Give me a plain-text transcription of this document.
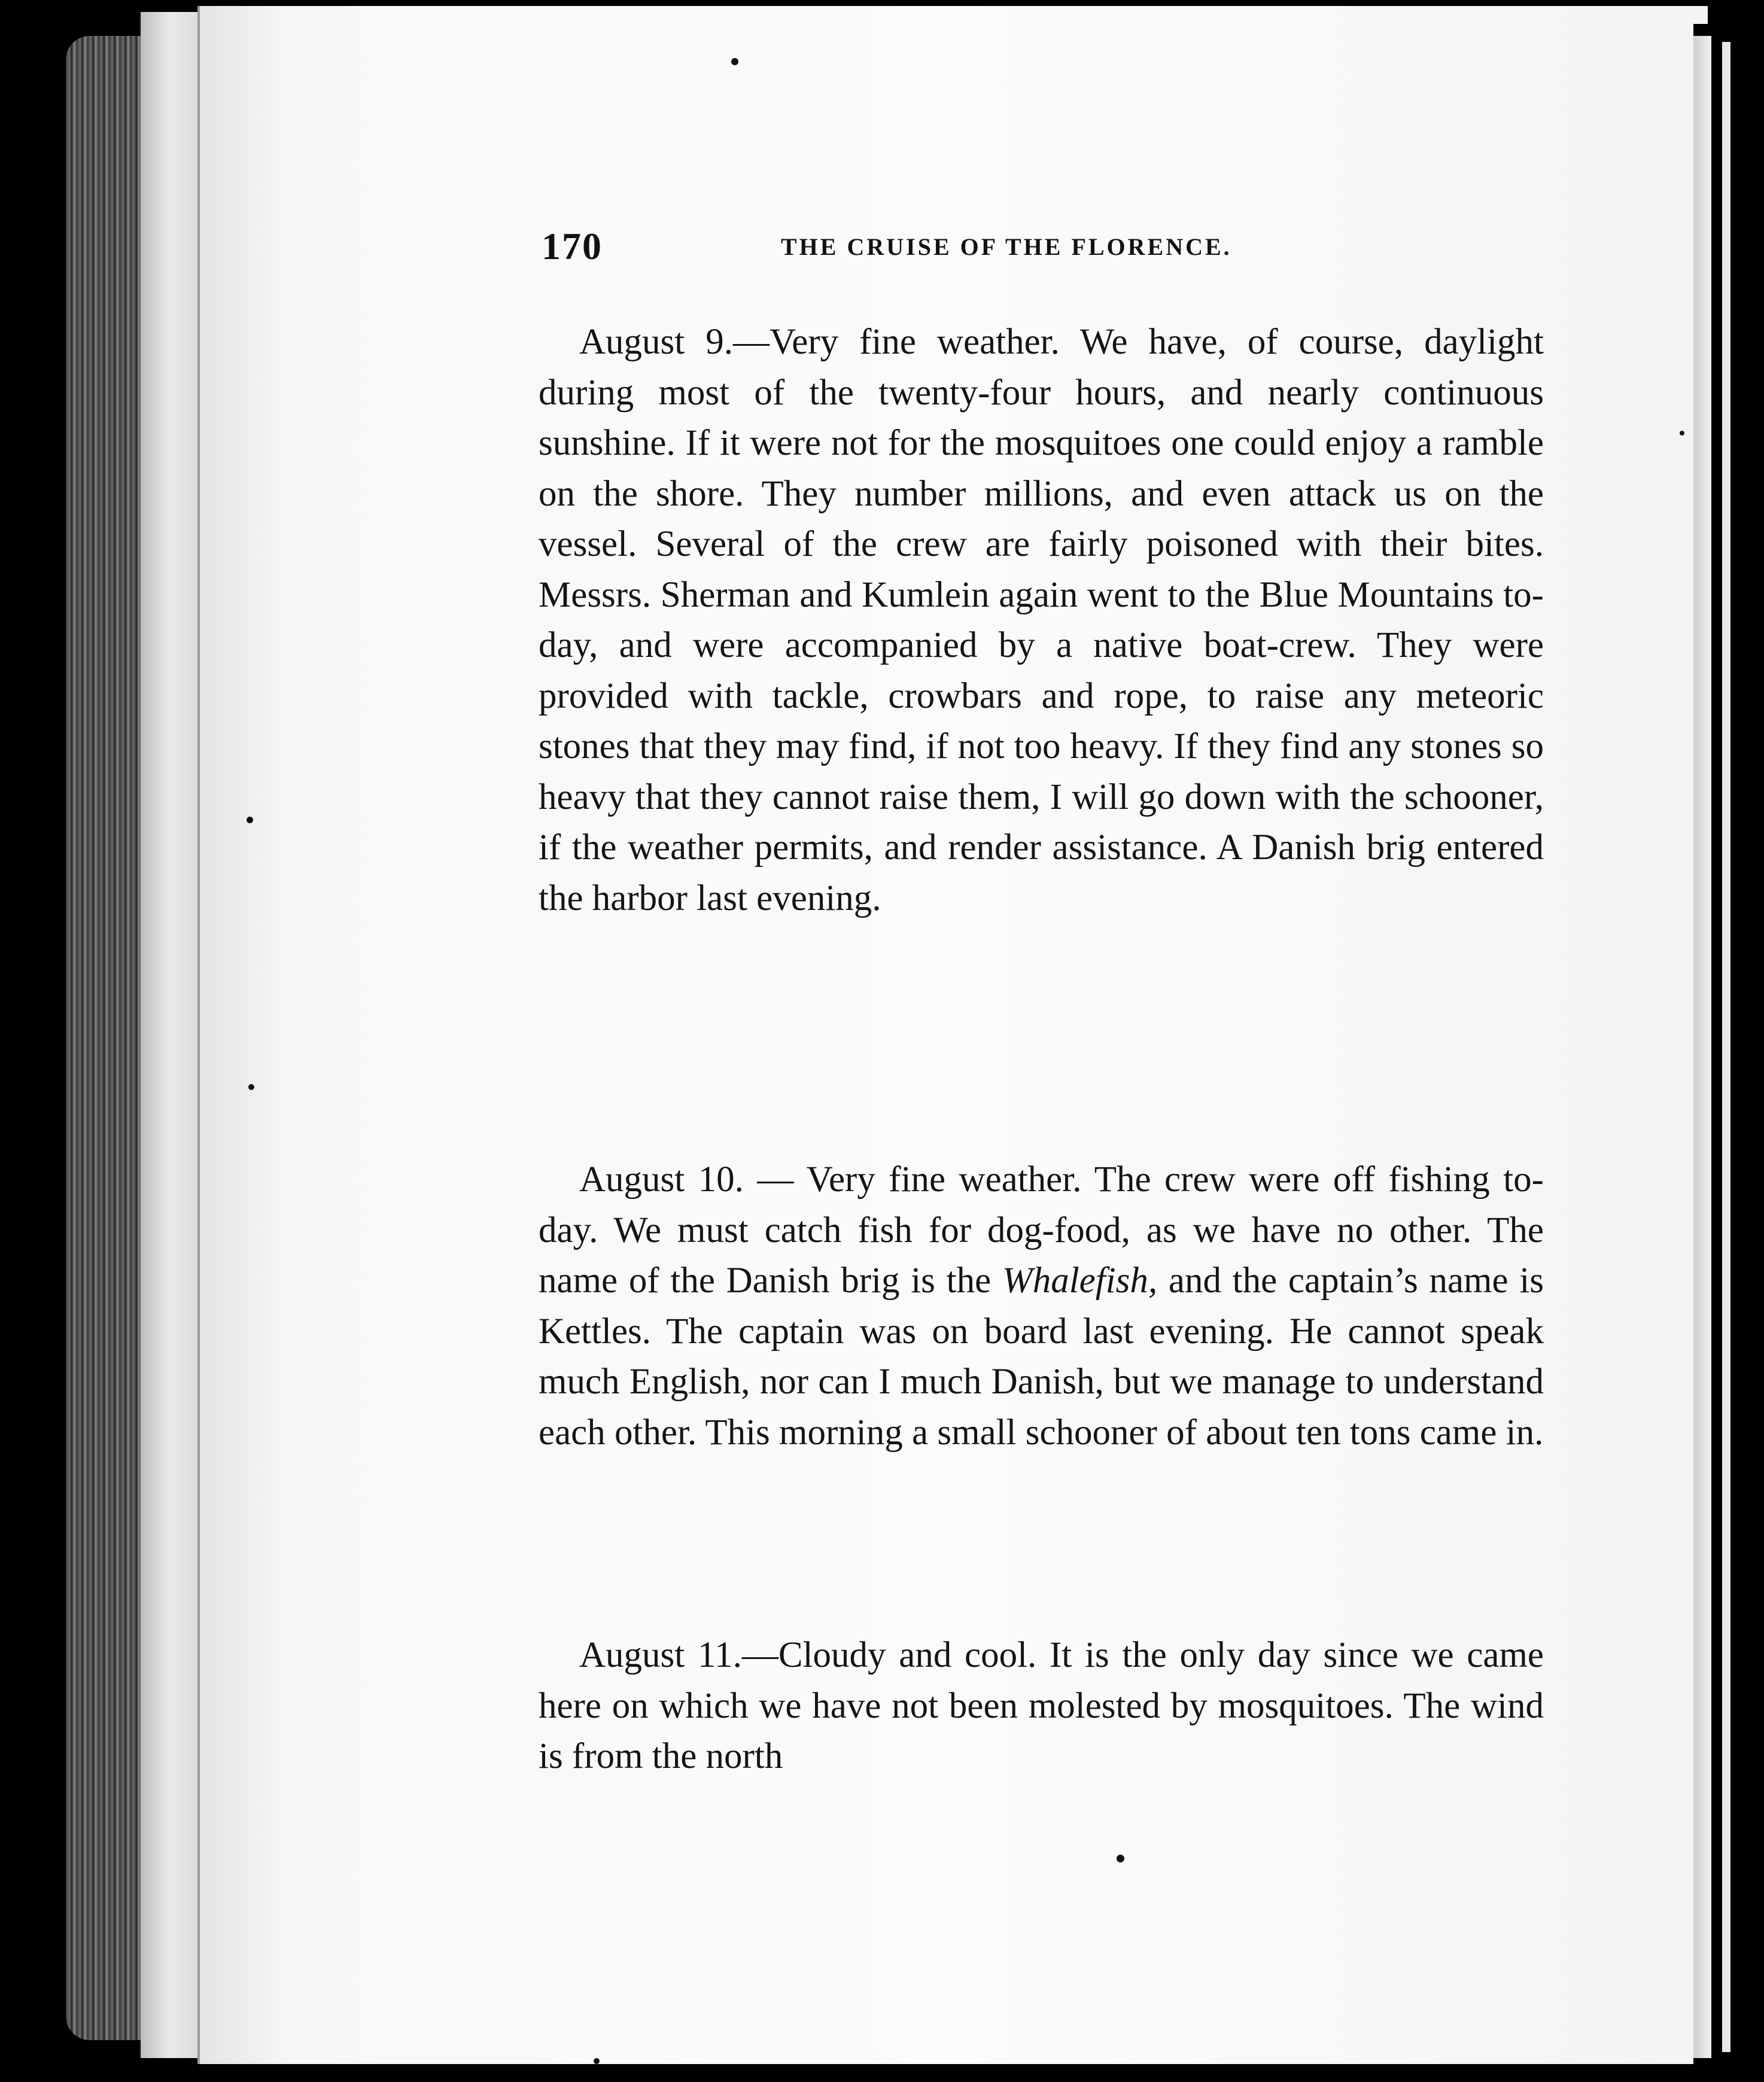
170	THE CRUISE OF THE FLORENCE.

August 9.—Very fine weather. We have, of course, daylight during most of the twenty-four hours, and nearly continuous sunshine. If it were not for the mosquitoes one could enjoy a ramble on the shore. They number millions, and even attack us on the vessel. Several of the crew are fairly poisoned with their bites. Messrs. Sherman and Kumlein again went to the Blue Mountains to-day, and were accompanied by a native boat-crew. They were provided with tackle, crowbars and rope, to raise any meteoric stones that they may find, if not too heavy. If they find any stones so heavy that they cannot raise them, I will go down with the schooner, if the weather permits, and render assistance. A Danish brig entered the harbor last evening.

August 10. — Very fine weather. The crew were off fishing to-day. We must catch fish for dog-food, as we have no other. The name of the Danish brig is the Whalefish, and the captain’s name is Kettles. The captain was on board last evening. He cannot speak much English, nor can I much Danish, but we manage to understand each other. This morning a small schooner of about ten tons came in.

August 11.—Cloudy and cool. It is the only day since we came here on which we have not been molested by mosquitoes. The wind is from the north
